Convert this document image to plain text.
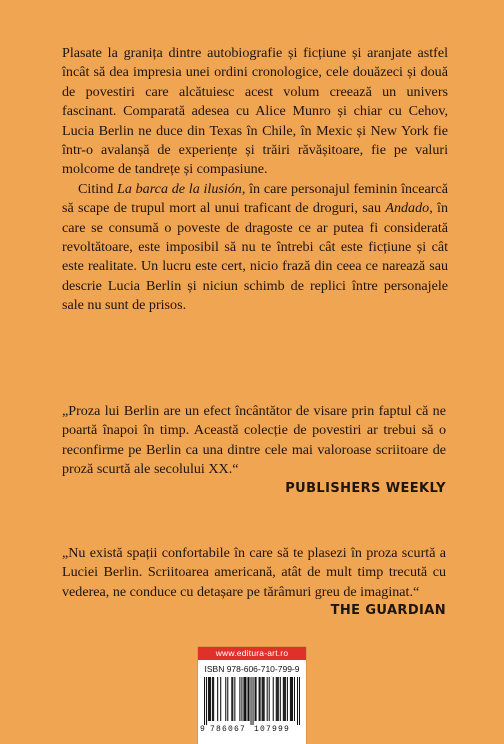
Plasate la granița dintre autobiografie și ficțiune și aranjate astfel încât să dea impresia unei ordini cronologice, cele douăzeci și două de povestiri care alcătuiesc acest volum creează un univers fascinant. Comparată adesea cu Alice Munro și chiar cu Cehov, Lucia Berlin ne duce din Texas în Chile, în Mexic și New York fie într-o avalanșă de experiențe și trăiri răvășitoare, fie pe valuri molcome de tandrețe și compasiune.

Citind La barca de la ilusión, în care personajul feminin încearcă să scape de trupul mort al unui traficant de droguri, sau Andado, în care se consumă o poveste de dragoste ce ar putea fi considerată revoltătoare, este imposibil să nu te întrebi cât este ficțiune și cât este realitate. Un lucru este cert, nicio frază din ceea ce narează sau descrie Lucia Berlin și niciun schimb de replici între personajele sale nu sunt de prisos.

„Proza lui Berlin are un efect încântător de visare prin faptul că ne poartă înapoi în timp. Această colecție de povestiri ar trebui să o reconfirme pe Berlin ca una dintre cele mai valoroase scriitoare de proză scurtă ale secolului XX.“

PUBLISHERS WEEKLY

„Nu există spații confortabile în care să te plasezi în proza scurtă a Luciei Berlin. Scriitoarea americană, atât de mult timp trecută cu vederea, ne conduce cu detașare pe tărâmuri greu de imaginat.“

THE GUARDIAN
www.editura-art.ro
ISBN 978-606-710-799-9
9 786067 107999
